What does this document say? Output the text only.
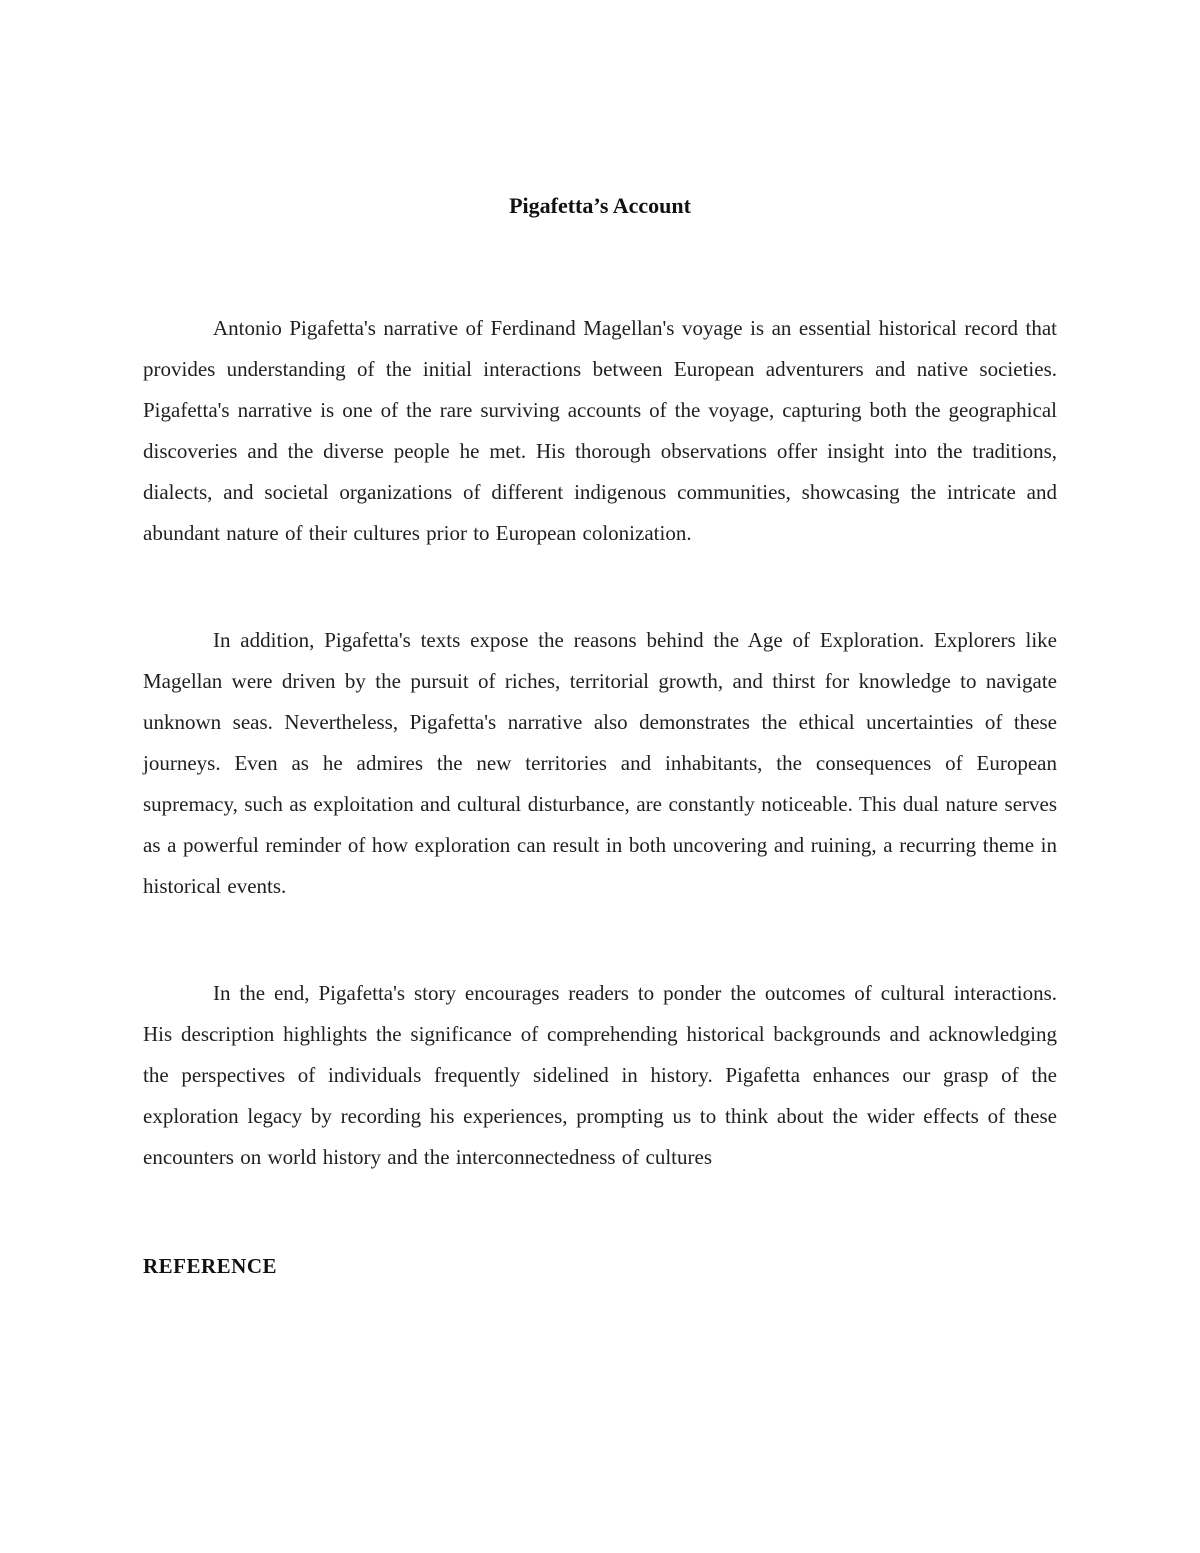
Pigafetta’s Account

Antonio Pigafetta's narrative of Ferdinand Magellan's voyage is an essential historical record that provides understanding of the initial interactions between European adventurers and native societies. Pigafetta's narrative is one of the rare surviving accounts of the voyage, capturing both the geographical discoveries and the diverse people he met. His thorough observations offer insight into the traditions, dialects, and societal organizations of different indigenous communities, showcasing the intricate and abundant nature of their cultures prior to European colonization.

In addition, Pigafetta's texts expose the reasons behind the Age of Exploration. Explorers like Magellan were driven by the pursuit of riches, territorial growth, and thirst for knowledge to navigate unknown seas. Nevertheless, Pigafetta's narrative also demonstrates the ethical uncertainties of these journeys. Even as he admires the new territories and inhabitants, the consequences of European supremacy, such as exploitation and cultural disturbance, are constantly noticeable. This dual nature serves as a powerful reminder of how exploration can result in both uncovering and ruining, a recurring theme in historical events.

In the end, Pigafetta's story encourages readers to ponder the outcomes of cultural interactions. His description highlights the significance of comprehending historical backgrounds and acknowledging the perspectives of individuals frequently sidelined in history. Pigafetta enhances our grasp of the exploration legacy by recording his experiences, prompting us to think about the wider effects of these encounters on world history and the interconnectedness of cultures

REFERENCE
